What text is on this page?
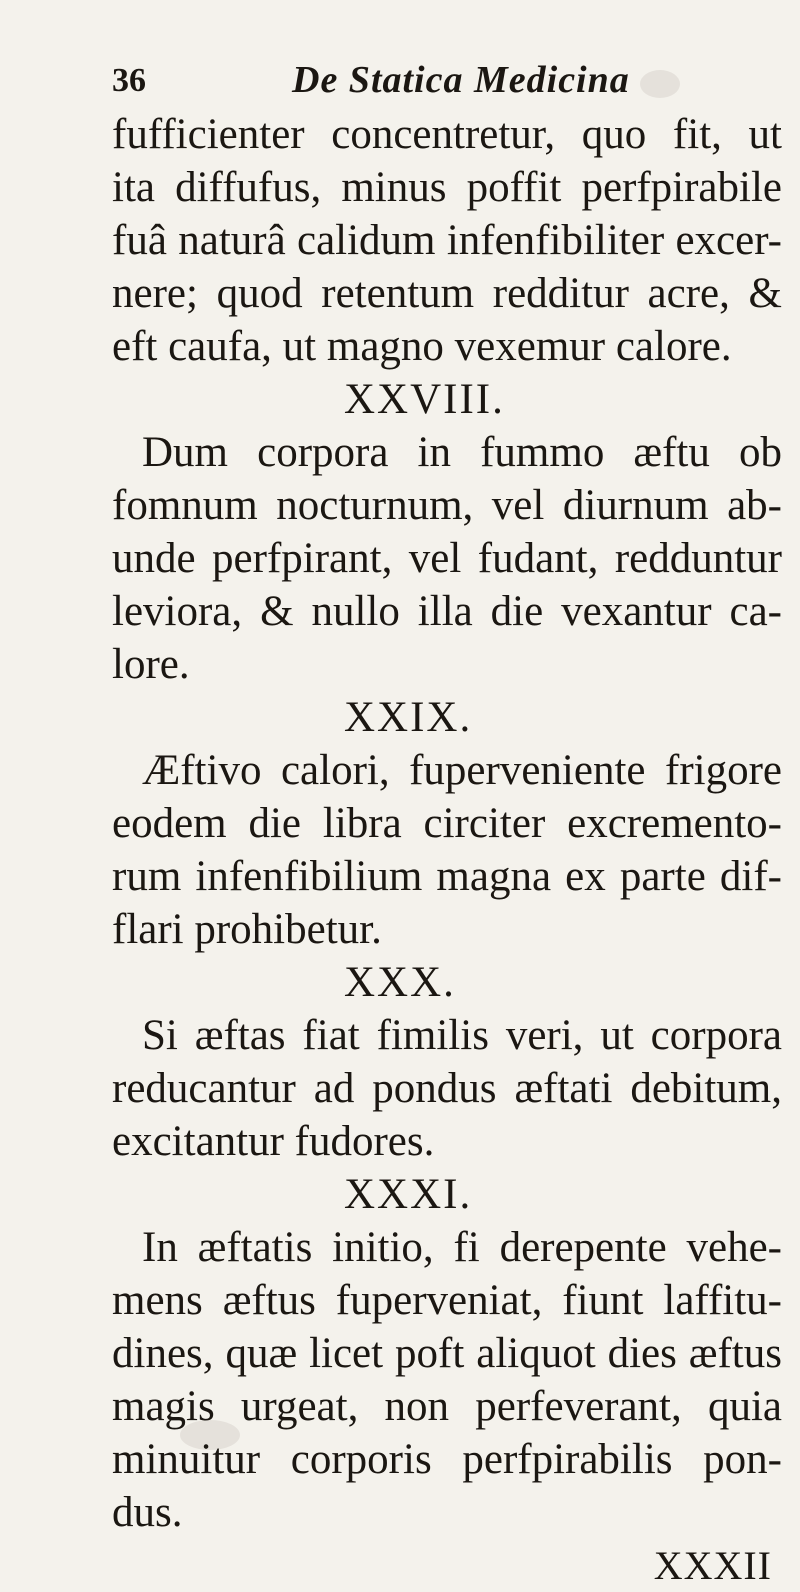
36	De Statica Medicina
fufficienter concentretur, quo fit, ut
ita diffufus, minus poffit perfpirabile
fuâ naturâ calidum infenfibiliter excer-
nere; quod retentum redditur acre, &
eft caufa, ut magno vexemur calore.
XXVIII.
Dum corpora in fummo æftu ob
fomnum nocturnum, vel diurnum ab-
unde perfpirant, vel fudant, redduntur
leviora, & nullo illa die vexantur ca-
lore.
XXIX.
Æftivo calori, fuperveniente frigore
eodem die libra circiter excremento-
rum infenfibilium magna ex parte dif-
flari prohibetur.
XXX.
Si æftas fiat fimilis veri, ut corpora
reducantur ad pondus æftati debitum,
excitantur fudores.
XXXI.
In æftatis initio, fi derepente vehe-
mens æftus fuperveniat, fiunt laffitu-
dines, quæ licet poft aliquot dies æftus
magis urgeat, non perfeverant, quia
minuitur corporis perfpirabilis pon-
dus.
XXXII
